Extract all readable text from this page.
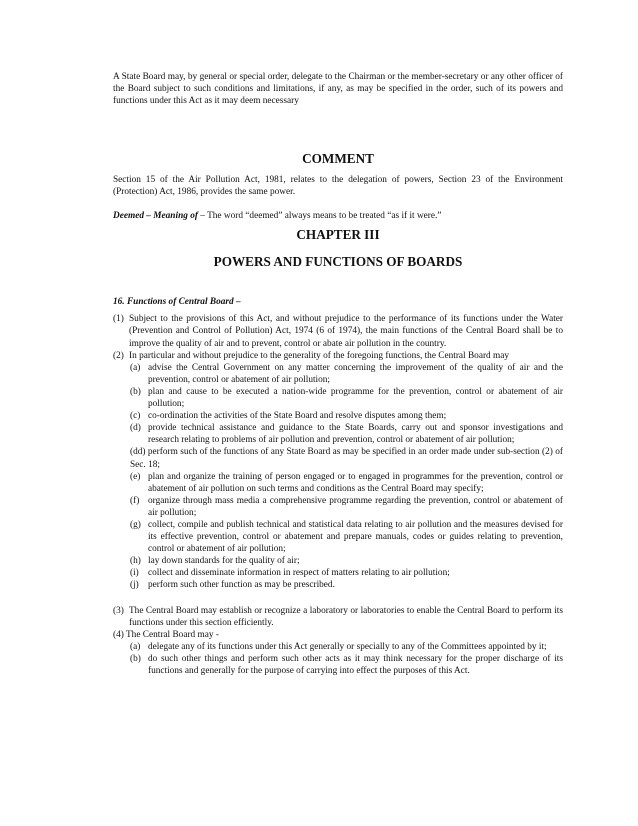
A State Board may, by general or special order, delegate to the Chairman or the member-secretary or any other officer of the Board subject to such conditions and limitations, if any, as may be specified in the order, such of its powers and functions under this Act as it may deem necessary

COMMENT

Section 15 of the Air Pollution Act, 1981, relates to the delegation of powers, Section 23 of the Environment (Protection) Act, 1986, provides the same power.

Deemed – Meaning of – The word “deemed” always means to be treated “as if it were.”

CHAPTER III
POWERS AND FUNCTIONS OF BOARDS

16. Functions of Central Board –

(1) Subject to the provisions of this Act, and without prejudice to the performance of its functions under the Water (Prevention and Control of Pollution) Act, 1974 (6 of 1974), the main functions of the Central Board shall be to improve the quality of air and to prevent, control or abate air pollution in the country.
(2) In particular and without prejudice to the generality of the foregoing functions, the Central Board may
(a) advise the Central Government on any matter concerning the improvement of the quality of air and the prevention, control or abatement of air pollution;
(b) plan and cause to be executed a nation-wide programme for the prevention, control or abatement of air pollution;
(c) co-ordination the activities of the State Board and resolve disputes among them;
(d) provide technical assistance and guidance to the State Boards, carry out and sponsor investigations and research relating to problems of air pollution and prevention, control or abatement of air pollution;
(dd) perform such of the functions of any State Board as may be specified in an order made under sub-section (2) of Sec. 18;
(e) plan and organize the training of person engaged or to engaged in programmes for the prevention, control or abatement of air pollution on such terms and conditions as the Central Board may specify;
(f) organize through mass media a comprehensive programme regarding the prevention, control or abatement of air pollution;
(g) collect, compile and publish technical and statistical data relating to air pollution and the measures devised for its effective prevention, control or abatement and prepare manuals, codes or guides relating to prevention, control or abatement of air pollution;
(h) lay down standards for the quality of air;
(i) collect and disseminate information in respect of matters relating to air pollution;
(j) perform such other function as may be prescribed.
(3) The Central Board may establish or recognize a laboratory or laboratories to enable the Central Board to perform its functions under this section efficiently.
(4) The Central Board may -
(a) delegate any of its functions under this Act generally or specially to any of the Committees appointed by it;
(b) do such other things and perform such other acts as it may think necessary for the proper discharge of its functions and generally for the purpose of carrying into effect the purposes of this Act.
